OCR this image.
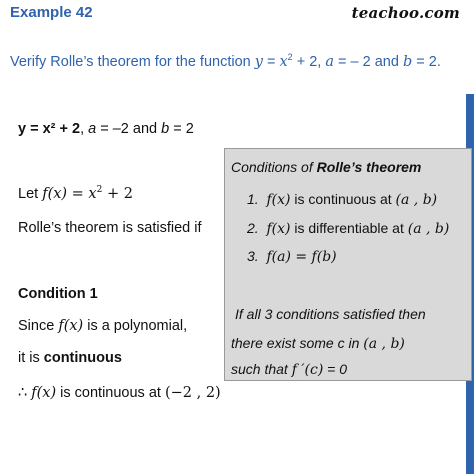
Example 42	teachoo.com
Verify Rolle’s theorem for the function $y = x^2 + 2$, a = – 2 and b = 2.
y = x² + 2, a = –2 and b = 2
Let $f(x) = x^2 + 2$
Rolle’s theorem is satisfied if
Condition 1
Since f(x) is a polynomial,
it is continuous
∴ f(x) is continuous at (−2 , 2)
Conditions of Rolle’s theorem
1. f(x) is continuous at (a , b)
2. f(x) is differentiable at (a , b)
3. f(a) = f(b)
If all 3 conditions satisfied then
there exist some c in (a , b)
such that f ′(c) = 0
